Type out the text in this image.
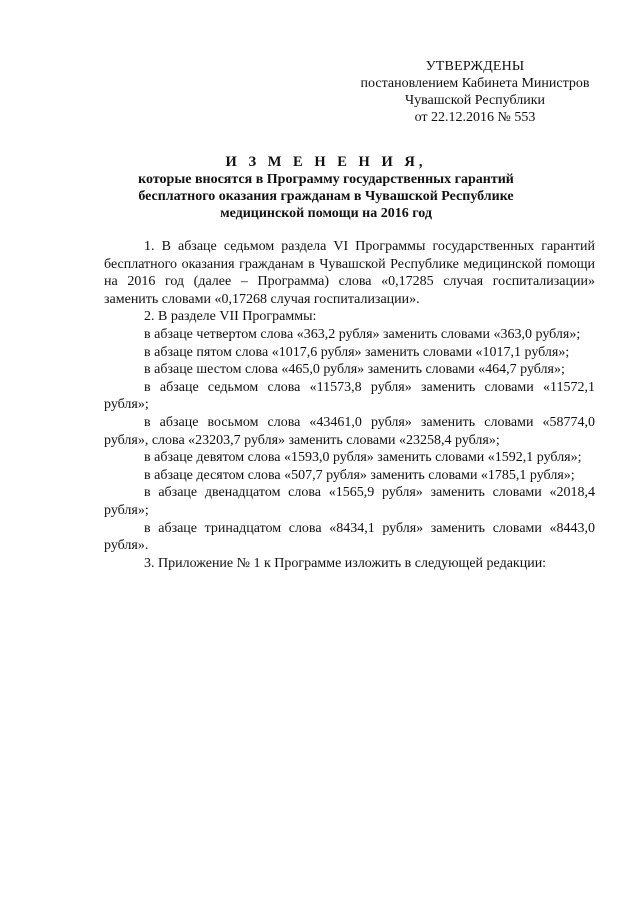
УТВЕРЖДЕНЫ
постановлением Кабинета Министров
Чувашской Республики
от 22.12.2016 № 553
И З М Е Н Е Н И Я,
которые вносятся в Программу государственных гарантий
бесплатного оказания гражданам в Чувашской Республике
медицинской помощи на 2016 год

1. В абзаце седьмом раздела VI Программы государственных гарантий бесплатного оказания гражданам в Чувашской Республике медицинской помощи на 2016 год (далее – Программа) слова «0,17285 случая госпитализации» заменить словами «0,17268 случая госпитализации».

2. В разделе VII Программы:

в абзаце четвертом слова «363,2 рубля» заменить словами «363,0 рубля»;

в абзаце пятом слова «1017,6 рубля» заменить словами «1017,1 рубля»;

в абзаце шестом слова «465,0 рубля» заменить словами «464,7 рубля»;

в абзаце седьмом слова «11573,8 рубля» заменить словами «11572,1 рубля»;

в абзаце восьмом слова «43461,0 рубля» заменить словами «58774,0 рубля», слова «23203,7 рубля» заменить словами «23258,4 рубля»;

в абзаце девятом слова «1593,0 рубля» заменить словами «1592,1 рубля»;

в абзаце десятом слова «507,7 рубля» заменить словами «1785,1 рубля»;

в абзаце двенадцатом слова «1565,9 рубля» заменить словами «2018,4 рубля»;

в абзаце тринадцатом слова «8434,1 рубля» заменить словами «8443,0 рубля».

3. Приложение № 1 к Программе изложить в следующей редакции:
